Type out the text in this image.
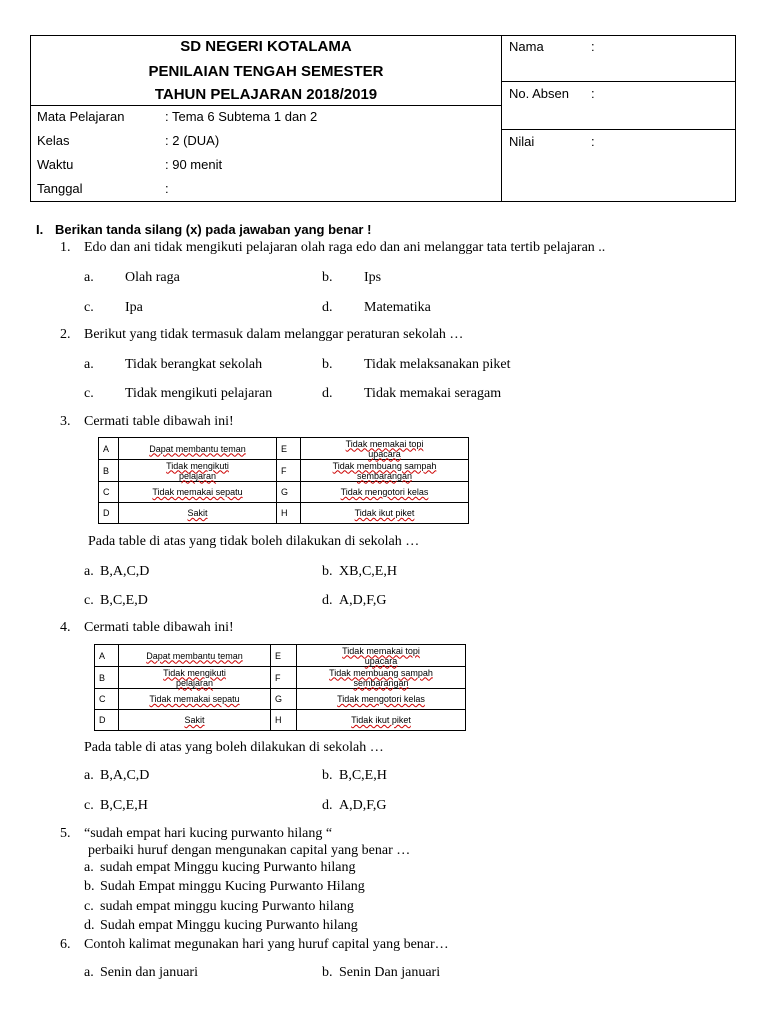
SD NEGERI KOTALAMA
PENILAIAN TENGAH SEMESTER
TAHUN PELAJARAN 2018/2019
Mata Pelajaran	: Tema 6 Subtema 1 dan 2
Kelas	: 2 (DUA)
Waktu	: 90 menit
Tanggal	:
Nama	:
No. Absen :
Nilai	:
I. Berikan tanda silang (x) pada jawaban yang benar !
1. Edo dan ani tidak mengikuti pelajaran olah raga edo dan ani melanggar tata tertib pelajaran ..
a. Olah raga	b. Ips
c. Ipa	d. Matematika
2. Berikut yang tidak termasuk dalam melanggar peraturan sekolah …
a. Tidak berangkat sekolah	b. Tidak melaksanakan piket
c. Tidak mengikuti pelajaran	d. Tidak memakai seragam
3. Cermati table dibawah ini!
A	Dapat membantu teman	E	Tidak memakai topi
upacara
B	Tidak mengikuti
pelajaran	F	Tidak membuang sampah
sembarangan
C	Tidak memakai sepatu	G	Tidak mengotori kelas
D	Sakit	H	Tidak ikut piket
Pada table di atas yang tidak boleh dilakukan di sekolah …
a. B,A,C,D	b. XB,C,E,H
c. B,C,E,D	d. A,D,F,G
4. Cermati table dibawah ini!
A	Dapat membantu teman	E	Tidak memakai topi
upacara
B	Tidak mengikuti
pelajaran	F	Tidak membuang sampah
sembarangan
C	Tidak memakai sepatu	G	Tidak mengotori kelas
D	Sakit	H	Tidak ikut piket
Pada table di atas yang boleh dilakukan di sekolah …
a. B,A,C,D	b. B,C,E,H
c. B,C,E,H	d. A,D,F,G
5. “sudah empat hari kucing purwanto hilang “
perbaiki huruf dengan mengunakan capital yang benar …
a. sudah empat Minggu kucing Purwanto hilang
b. Sudah Empat minggu Kucing Purwanto Hilang
c. sudah empat minggu kucing Purwanto hilang
d. Sudah empat Minggu kucing Purwanto hilang
6. Contoh kalimat megunakan hari yang huruf capital yang benar…
a. Senin dan januari	b. Senin Dan januari
